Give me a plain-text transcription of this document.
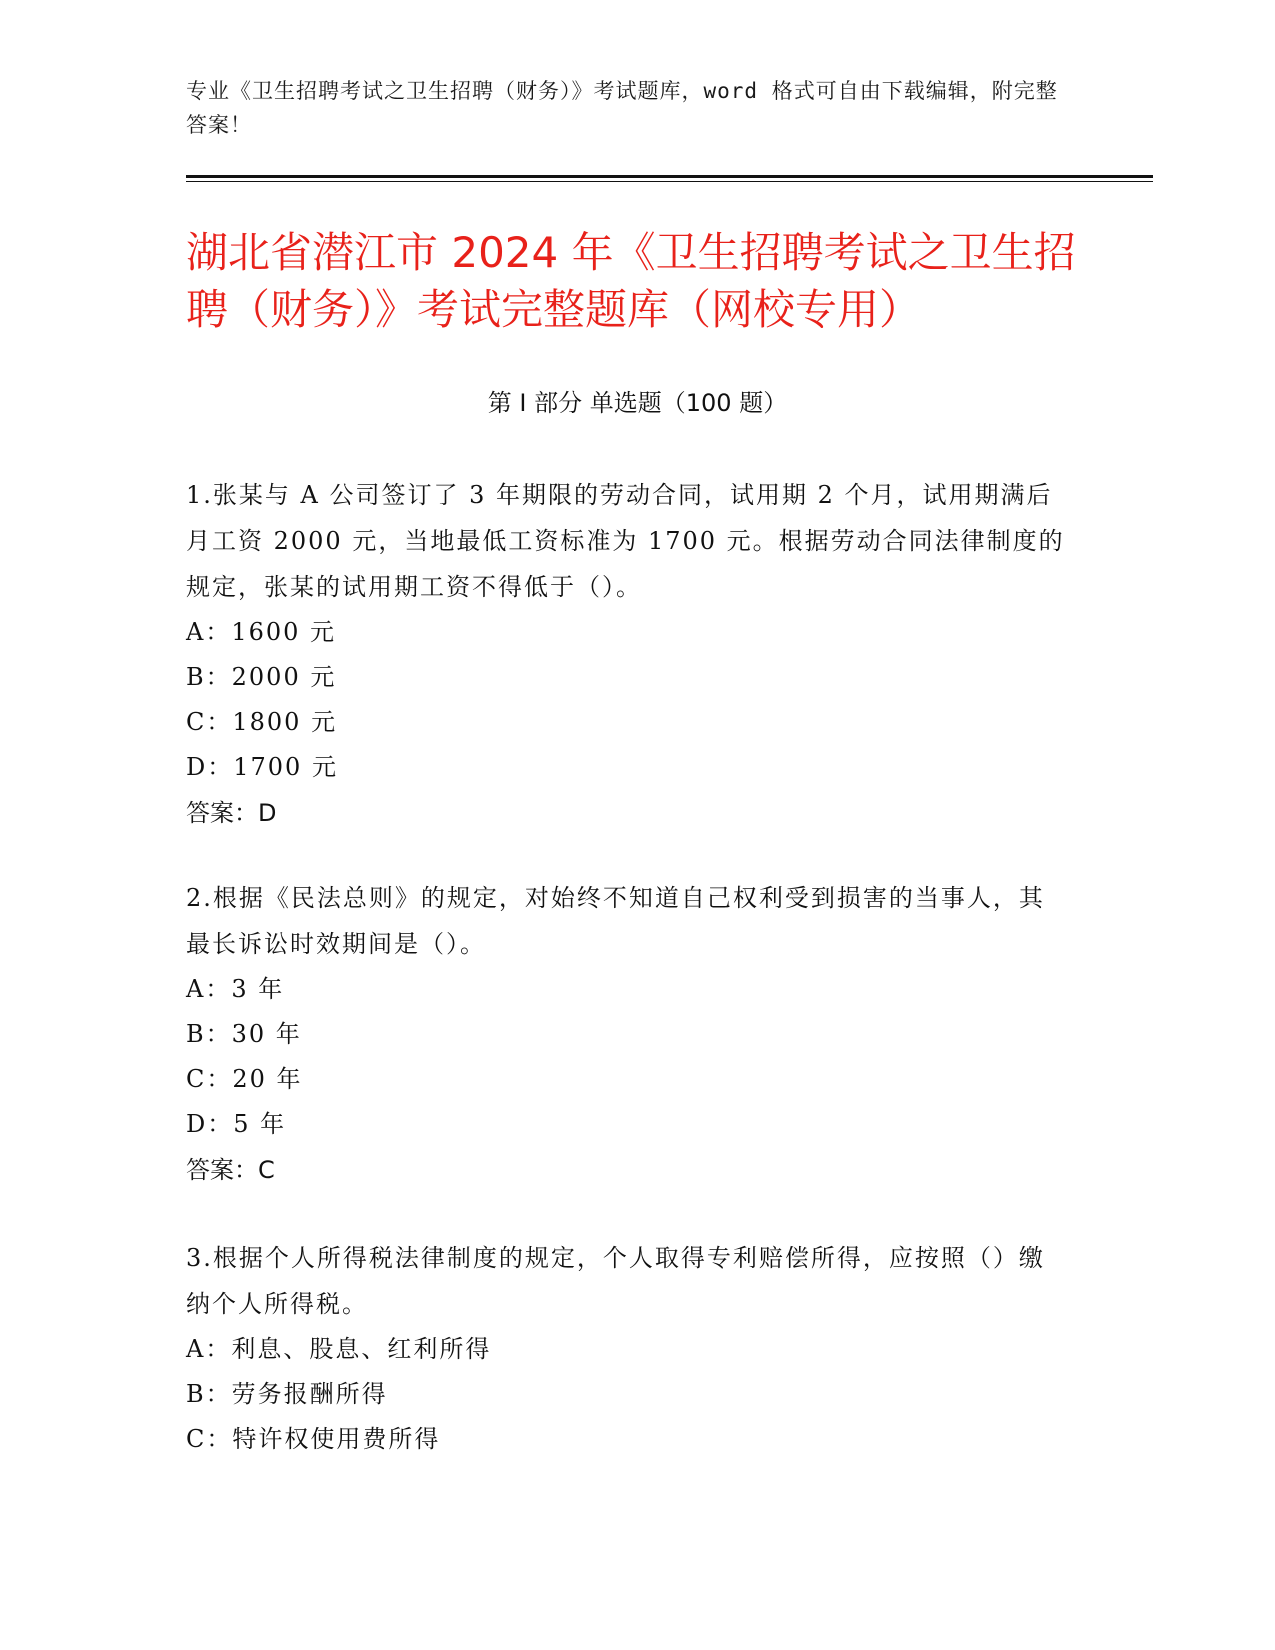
专业《卫生招聘考试之卫生招聘（财务）》考试题库，word 格式可自由下载编辑，附完整答案！
湖北省潜江市 2024 年《卫生招聘考试之卫生招聘（财务）》考试完整题库（网校专用）
第 I 部分 单选题（100 题）
1.张某与 A 公司签订了 3 年期限的劳动合同，试用期 2 个月，试用期满后月工资 2000 元，当地最低工资标准为 1700 元。根据劳动合同法律制度的规定，张某的试用期工资不得低于（）。
A：1600 元
B：2000 元
C：1800 元
D：1700 元
答案：D
2.根据《民法总则》的规定，对始终不知道自己权利受到损害的当事人，其最长诉讼时效期间是（）。
A：3 年
B：30 年
C：20 年
D：5 年
答案：C
3.根据个人所得税法律制度的规定，个人取得专利赔偿所得，应按照（）缴纳个人所得税。
A：利息、股息、红利所得
B：劳务报酬所得
C：特许权使用费所得
